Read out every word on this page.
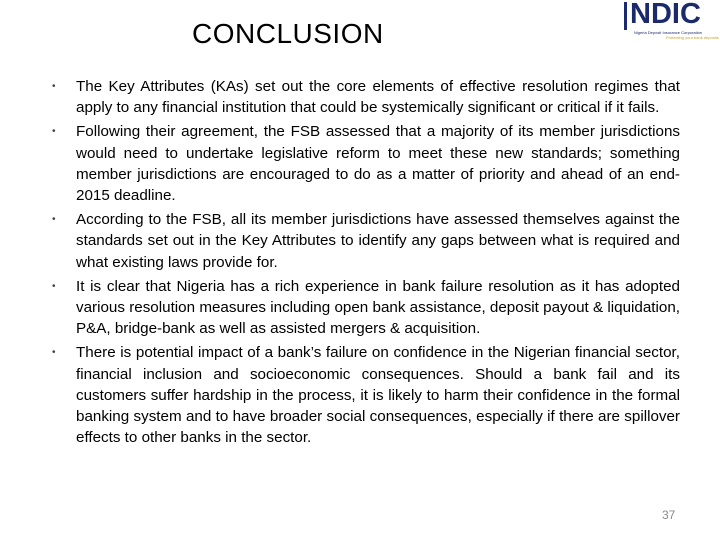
CONCLUSION
NDIC
Nigeria Deposit Insurance Corporation
Protecting your bank deposits
• The Key Attributes (KAs) set out the core elements of effective resolution regimes that apply to any financial institution that could be systemically significant or critical if it fails.
• Following their agreement, the FSB assessed that a majority of its member jurisdictions would need to undertake legislative reform to meet these new standards; something member jurisdictions are encouraged to do as a matter of priority and ahead of an end-2015 deadline.
• According to the FSB, all its member jurisdictions have assessed themselves against the standards set out in the Key Attributes to identify any gaps between what is required and what existing laws provide for.
• It is clear that Nigeria has a rich experience in bank failure resolution as it has adopted various resolution measures including open bank assistance, deposit payout & liquidation, P&A, bridge-bank as well as assisted mergers & acquisition.
• There is potential impact of a bank’s failure on confidence in the Nigerian financial sector, financial inclusion and socioeconomic consequences. Should a bank fail and its customers suffer hardship in the process, it is likely to harm their confidence in the formal banking system and to have broader social consequences, especially if there are spillover effects to other banks in the sector.
37
